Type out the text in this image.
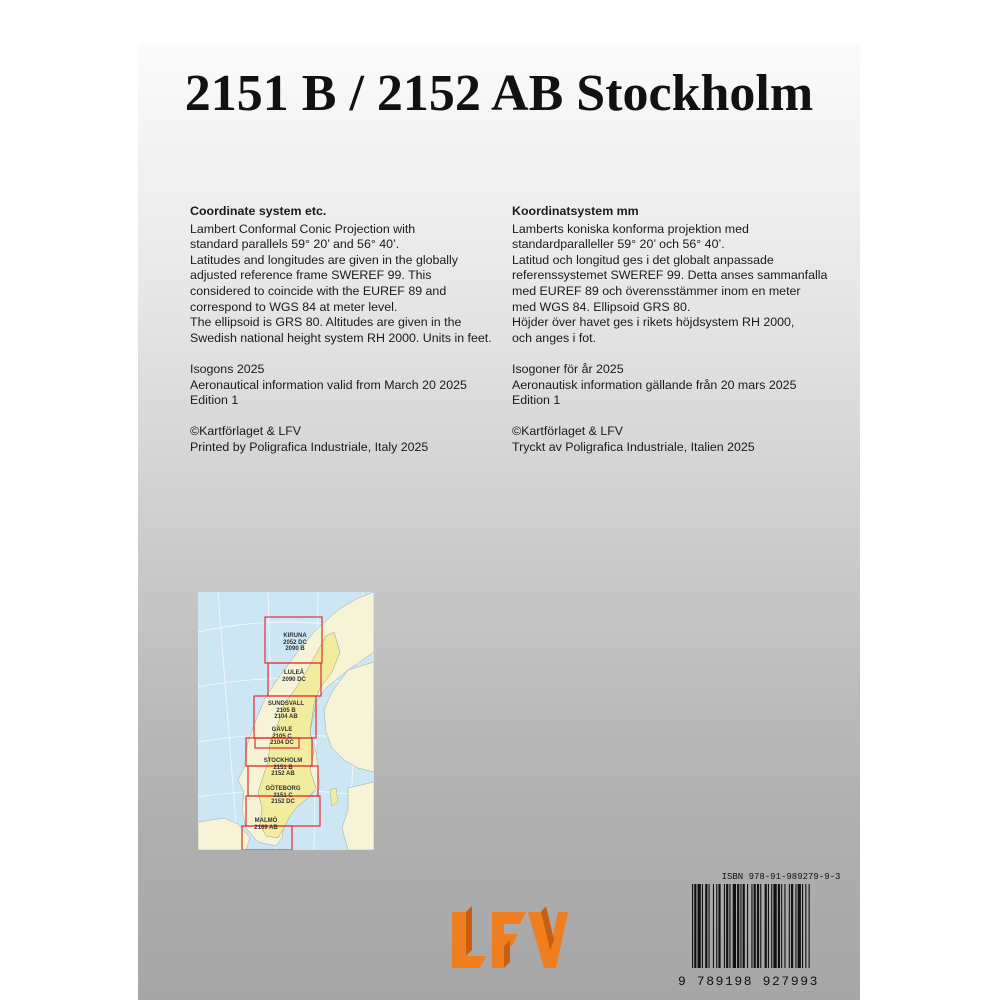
2151 B / 2152 AB Stockholm
Coordinate system etc.

Lambert Conformal Conic Projection with
standard parallels 59° 20’ and 56° 40’.
Latitudes and longitudes are given in the globally
adjusted reference frame SWEREF 99. This
considered to coincide with the EUREF 89 and
correspond to WGS 84 at meter level.
The ellipsoid is GRS 80. Altitudes are given in the
Swedish national height system RH 2000. Units in feet.

Isogons 2025
Aeronautical information valid from March 20 2025
Edition 1

©Kartförlaget & LFV
Printed by Poligrafica Industriale, Italy 2025

Koordinatsystem mm

Lamberts koniska konforma projektion med
standardparalleller 59° 20’ och 56° 40’.
Latitud och longitud ges i det globalt anpassade
referenssystemet SWEREF 99. Detta anses sammanfalla
med EUREF 89 och överensstämmer inom en meter
med WGS 84. Ellipsoid GRS 80.
Höjder över havet ges i rikets höjdsystem RH 2000,
och anges i fot.

Isogoner för år 2025
Aeronautisk information gällande från 20 mars 2025
Edition 1

©Kartförlaget & LFV
Tryckt av Poligrafica Industriale, Italien 2025

KIRUNA
2052 DC
2090 B
LULEÅ
2090 DC
SUNDSVALL
2105 B
2104 AB
GÄVLE
2105 C
2104 DC
STOCKHOLM
2151 B
2152 AB
GÖTEBORG
2151 C
2152 DC
MALMÖ
2169 AB
ISBN 978-91-989279-9-3
9 789198 927993
